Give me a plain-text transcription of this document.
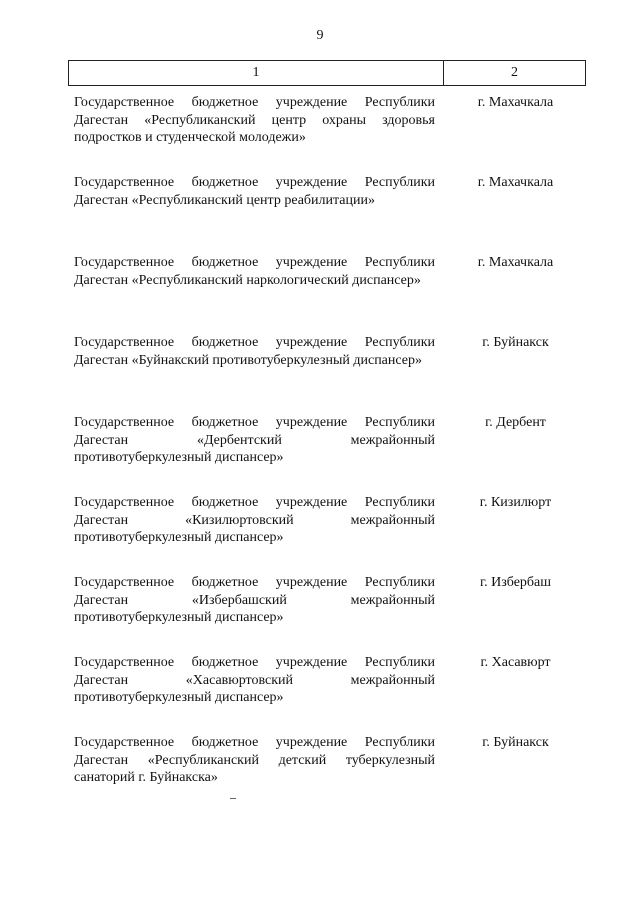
9
1	2
Государственное бюджетное учреждение Республики Дагестан «Республиканский центр охраны здоровья подростков и студенческой молодежи»
г. Махачкала
Государственное бюджетное учреждение Республики Дагестан «Республиканский центр реабилитации»
г. Махачкала
Государственное бюджетное учреждение Республики Дагестан «Республиканский наркологический диспансер»
г. Махачкала
Государственное бюджетное учреждение Республики Дагестан «Буйнакский противотуберкулезный диспансер»
г. Буйнакск
Государственное бюджетное учреждение Республики Дагестан «Дербентский межрайонный противотуберкулезный диспансер»
г. Дербент
Государственное бюджетное учреждение Республики Дагестан «Кизилюртовский межрайонный противотуберкулезный диспансер»
г. Кизилюрт
Государственное бюджетное учреждение Республики Дагестан «Избербашский межрайонный противотуберкулезный диспансер»
г. Избербаш
Государственное бюджетное учреждение Республики Дагестан «Хасавюртовский межрайонный противотуберкулезный диспансер»
г. Хасавюрт
Государственное бюджетное учреждение Республики Дагестан «Республиканский детский туберкулезный санаторий г. Буйнакска»
г. Буйнакск
